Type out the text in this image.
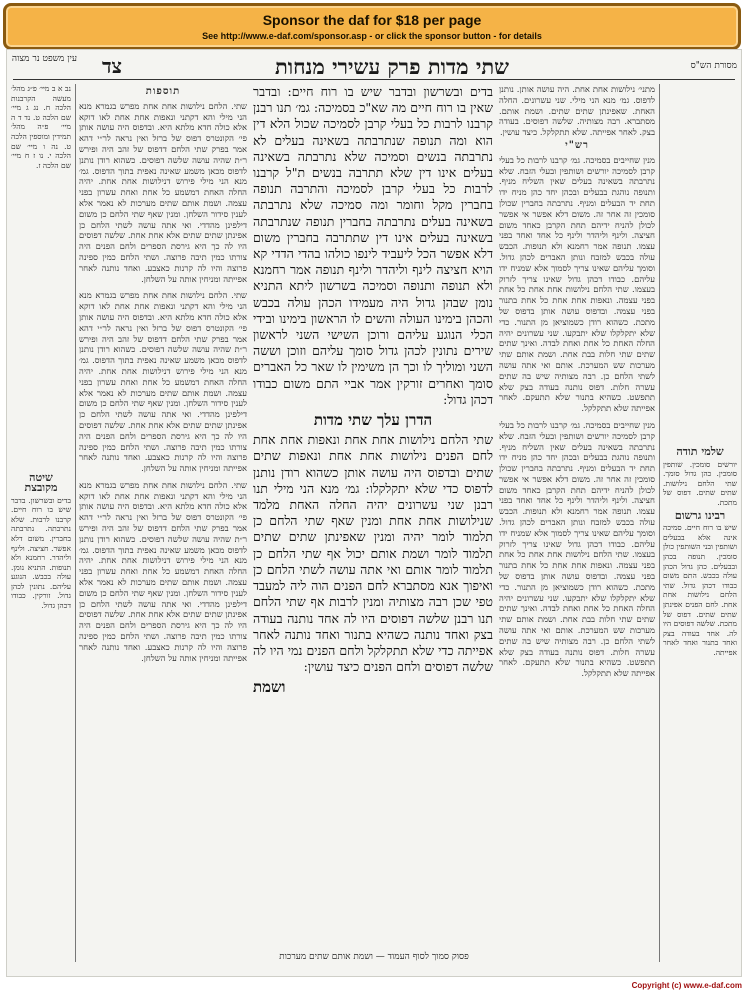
Sponsor the daf for $18 per page
See http://www.e-daf.com/sponsor.asp - or click the sponsor button - for details
עין משפט נר מצוה	צד	שתי מדות פרק עשירי מנחות	מסורת הש"ס

נב א ב מיי׳ פ״ג מהל׳ מעשה הקרבנות הלכה ח. נג ג מיי׳ שם הלכה ט. נד ד ה מיי׳ פ״ה מהל׳ תמידין ומוספין הלכה ט. נה ו מיי׳ שם הלכה י. נו ז ח מיי׳ שם הלכה ז.

שיטה מקובצת

בדים ובשרשון. בדבר שיש בו רוח חיים. קרבנו לרבות. שלא נתרבתה. נתרבתה בחברין. משום דלא אפשר. חציצה. ולינף וליהדר. רחמנא ולא תנופות. התניא נומן. עולה בכבש. הנוגע עליהם. נתונין לכהן גדול. זורקין. כבודו דכהן גדול.

תוספות

שתי. הלחם נילושות אחת אחת מפרש בגמרא מנא הני מילי והא דקתני ונאפות אחת אחת לאו דוקא אלא כולה חדא מלתא היא. ובדפוס היה עושה אותן פי׳ הקונטרס דפוס של ברזל ואין נראה לר״י דהא אמר בפרק שתי הלחם דדפוס של זהב היה ופירש ר״ת שהיה עושה שלשה דפוסים. כשהוא רודן נותנן לדפוס מכאן משמע שאינה נאפית בתוך הדפוס. גמ׳ מנא הני מילי פירוש דנילושות אחת אחת. יהיה החלה האחת דמשמע כל אחת ואחת עשרון בפני עצמה. ושמת אותם שתים מערכות לא נאמר אלא לענין סידור השלחן. ומנין שאף שתי הלחם כן משום דילפינן מהדדי. ואי אתה עושה לשתי הלחם כן אפינתן שתים שתים אלא אחת אחת. שלשה דפוסים היו לה כך היא גירסת הספרים ולחם הפנים היה צורתו כמין תיבה פרוצה. ושתי הלחם כמין ספינה פרוצה והיו לה קרנות כאצבע. ואחד נותנה לאחר אפייתה ומניחין אותה על השלחן.

שתי. הלחם נילושות אחת אחת מפרש בגמרא מנא הני מילי והא דקתני ונאפות אחת אחת לאו דוקא אלא כולה חדא מלתא היא. ובדפוס היה עושה אותן פי׳ הקונטרס דפוס של ברזל ואין נראה לר״י דהא אמר בפרק שתי הלחם דדפוס של זהב היה ופירש ר״ת שהיה עושה שלשה דפוסים. כשהוא רודן נותנן לדפוס מכאן משמע שאינה נאפית בתוך הדפוס. גמ׳ מנא הני מילי פירוש דנילושות אחת אחת. יהיה החלה האחת דמשמע כל אחת ואחת עשרון בפני עצמה. ושמת אותם שתים מערכות לא נאמר אלא לענין סידור השלחן. ומנין שאף שתי הלחם כן משום דילפינן מהדדי. ואי אתה עושה לשתי הלחם כן אפינתן שתים שתים אלא אחת אחת. שלשה דפוסים היו לה כך היא גירסת הספרים ולחם הפנים היה צורתו כמין תיבה פרוצה. ושתי הלחם כמין ספינה פרוצה והיו לה קרנות כאצבע. ואחד נותנה לאחר אפייתה ומניחין אותה על השלחן.

שתי. הלחם נילושות אחת אחת מפרש בגמרא מנא הני מילי והא דקתני ונאפות אחת אחת לאו דוקא אלא כולה חדא מלתא היא. ובדפוס היה עושה אותן פי׳ הקונטרס דפוס של ברזל ואין נראה לר״י דהא אמר בפרק שתי הלחם דדפוס של זהב היה ופירש ר״ת שהיה עושה שלשה דפוסים. כשהוא רודן נותנן לדפוס מכאן משמע שאינה נאפית בתוך הדפוס. גמ׳ מנא הני מילי פירוש דנילושות אחת אחת. יהיה החלה האחת דמשמע כל אחת ואחת עשרון בפני עצמה. ושמת אותם שתים מערכות לא נאמר אלא לענין סידור השלחן. ומנין שאף שתי הלחם כן משום דילפינן מהדדי. ואי אתה עושה לשתי הלחם כן אפינתן שתים שתים אלא אחת אחת. שלשה דפוסים היו לה כך היא גירסת הספרים ולחם הפנים היה צורתו כמין תיבה פרוצה. ושתי הלחם כמין ספינה פרוצה והיו לה קרנות כאצבע. ואחד נותנה לאחר אפייתה ומניחין אותה על השלחן.

בדים ובשרשון ובדבר שיש בו רוח חיים: ובדבר שאין בו רוח חיים מה שא"כ בסמיכה: גמ׳ תנו רבנן קרבנו לרבות כל בעלי קרבן לסמיכה שכול הלא דין הוא ומה תנופה שנתרבתה בשאינה בעלים לא נתרבתה בנשים וסמיכה שלא נתרבתה בשאינה בעלים אינו דין שלא תתרבה בנשים ת"ל קרבנו לרבות כל בעלי קרבן לסמיכה והתרבה תנופה בחברין מקל וחומר ומה סמיכה שלא נתרבתה בשאינה בעלים נתרבתה בחברין תנופה שנתרבתה בשאינה בעלים אינו דין שתתרבה בחברין משום דלא אפשר הכל ליעביד לינפו כולהו בהדי הדדי קא הויא חציצה לינף וליהדר ולינף תנופה אמר רחמנא ולא תנופה ותנופה וסמיכה בשרשון ליתא התניא נומן שבהן גדול היה מעמידו הכהן עולה בכבש והכהן בימינו העולה והשים לו הראשון בימינו ובידי הכלי הנוגע עליהם ורוכן השישי השני לראשון שירים נתונין לכהן גדול סומך עליהם וזוכן וששה השני ומוליך לו וכך הן משימין לו שאר כל האברים סומך ואחרים זורקין אמר אביי התם משום כבודו דכהן גדול:

הדרן עלך שתי מדות

שתי הלחם נילושות אחת אחת ונאפות אחת אחת לחם הפנים נילושות אחת אחת ונאפות שתים שתים ובדפוס היה עושה אותן כשהוא רודן נותנן לדפוס כדי שלא יתקלקלו: גמ׳ מנא הני מילי תנו רבנן שני עשרונים יהיה החלה האחת מלמד שנילושות אחת אחת ומנין שאף שתי הלחם כן תלמוד לומר יהיה ומנין שאפינתן שתים שתים תלמוד לומר ושמת אותם יכול אף שתי הלחם כן תלמוד לומר אותם ואי אתה עושה לשתי הלחם כן ואיפוך אנא מסתברא לחם הפנים הוה ליה למעבד טפי שכן רבה מצותיה ומנין לרבות אף שתי הלחם תנו רבנן שלשה דפוסים היו לה אחד נותנה בעודה בצק ואחד נותנה כשהיא בתנור ואחד נותנה לאחר אפייתה כדי שלא תתקלקל ולחם הפנים נמי היו לה שלשה דפוסים ולחם הפנים כיצד עושין:

ושמת

מתני׳ נילושות אחת אחת. היה עושה אותן. נותנן לדפוס. גמ׳ מנא הני מילי. שני עשרונים. החלה האחת. שאפינתן שתים שתים. ושמת אותם. מסתברא. רבה מצותיה. שלשה דפוסים. בעודה בצק. לאחר אפייתה. שלא תתקלקל. כיצד עושין.

רש"י

מנין שחייבים בסמיכה. גמ׳ קרבנו לרבות כל בעלי קרבן לסמיכה יורשים ושותפין ובעלי הזבח. שלא נתרבתה בשאינה בעלים שאין השליח מניף. ותנופה נוהגת בבעלים ובכהן יחד כהן מניח ידו תחת יד הבעלים ומניף. נתרבתה בחברין שכולן סומכין זה אחר זה. משום דלא אפשר אי אפשר לכולן להניח ידיהם תחת הקרבן כאחד משום חציצה. ולינף וליהדר ולינף כל אחד ואחד בפני עצמו. תנופה אמר רחמנא ולא תנופות. הכבש עולה בכבש למזבח ונותן האברים לכהן גדול. וסומך עליהם שאינו צריך לסמוך אלא שמניח ידו עליהם. כבודו דכהן גדול שאינו צריך לזרוק בעצמו. שתי הלחם נילושות אחת אחת כל אחת בפני עצמה. ונאפות אחת אחת כל אחת בתנור בפני עצמה. ובדפוס עושה אותן בדפוס של מתכת. כשהוא רודן כשמוציאן מן התנור. כדי שלא יתקלקלו שלא יתבקעו. שני עשרונים יהיה החלה האחת כל אחת ואחת לבדה. ואינך שתים שתים שתי חלות בבת אחת. ושמת אותם שתי מערכות שש המערכת. אותם ואי אתה עושה לשתי הלחם כן. רבה מצותיה שיש בה שתים עשרה חלות. דפוס נותנה בעודה בצק שלא תתפשט. כשהיא בתנור שלא תתעקם. לאחר אפייתה שלא תתקלקל.

מנין שחייבים בסמיכה. גמ׳ קרבנו לרבות כל בעלי קרבן לסמיכה יורשים ושותפין ובעלי הזבח. שלא נתרבתה בשאינה בעלים שאין השליח מניף. ותנופה נוהגת בבעלים ובכהן יחד כהן מניח ידו תחת יד הבעלים ומניף. נתרבתה בחברין שכולן סומכין זה אחר זה. משום דלא אפשר אי אפשר לכולן להניח ידיהם תחת הקרבן כאחד משום חציצה. ולינף וליהדר ולינף כל אחד ואחד בפני עצמו. תנופה אמר רחמנא ולא תנופות. הכבש עולה בכבש למזבח ונותן האברים לכהן גדול. וסומך עליהם שאינו צריך לסמוך אלא שמניח ידו עליהם. כבודו דכהן גדול שאינו צריך לזרוק בעצמו. שתי הלחם נילושות אחת אחת כל אחת בפני עצמה. ונאפות אחת אחת כל אחת בתנור בפני עצמה. ובדפוס עושה אותן בדפוס של מתכת. כשהוא רודן כשמוציאן מן התנור. כדי שלא יתקלקלו שלא יתבקעו. שני עשרונים יהיה החלה האחת כל אחת ואחת לבדה. ואינך שתים שתים שתי חלות בבת אחת. ושמת אותם שתי מערכות שש המערכת. אותם ואי אתה עושה לשתי הלחם כן. רבה מצותיה שיש בה שתים עשרה חלות. דפוס נותנה בעודה בצק שלא תתפשט. כשהיא בתנור שלא תתעקם. לאחר אפייתה שלא תתקלקל.

שלמי תודה

יורשים סומכין. שותפין סומכין. כהן גדול סומך. שתי הלחם נילושות. שתים שתים. דפוס של מתכת.

רבינו גרשום

שיש בו רוח חיים. סמיכה אינה אלא בבעלים ושותפין ובני השותפין כולן סומכין. תנופה בכהן ובבעלים. כהן גדול הכהן עולה בכבש. התם משום כבודו דכהן גדול. שתי הלחם נילושות אחת אחת. לחם הפנים אפינתן שתים שתים. דפוס של מתכת. שלשה דפוסים היו לה. אחד בעודה בצק ואחד בתנור ואחד לאחר אפייתה.

פסוק סמוך לסוף העמוד — ושמת אותם שתים מערכות
Copyright (c) www.e-daf.com
